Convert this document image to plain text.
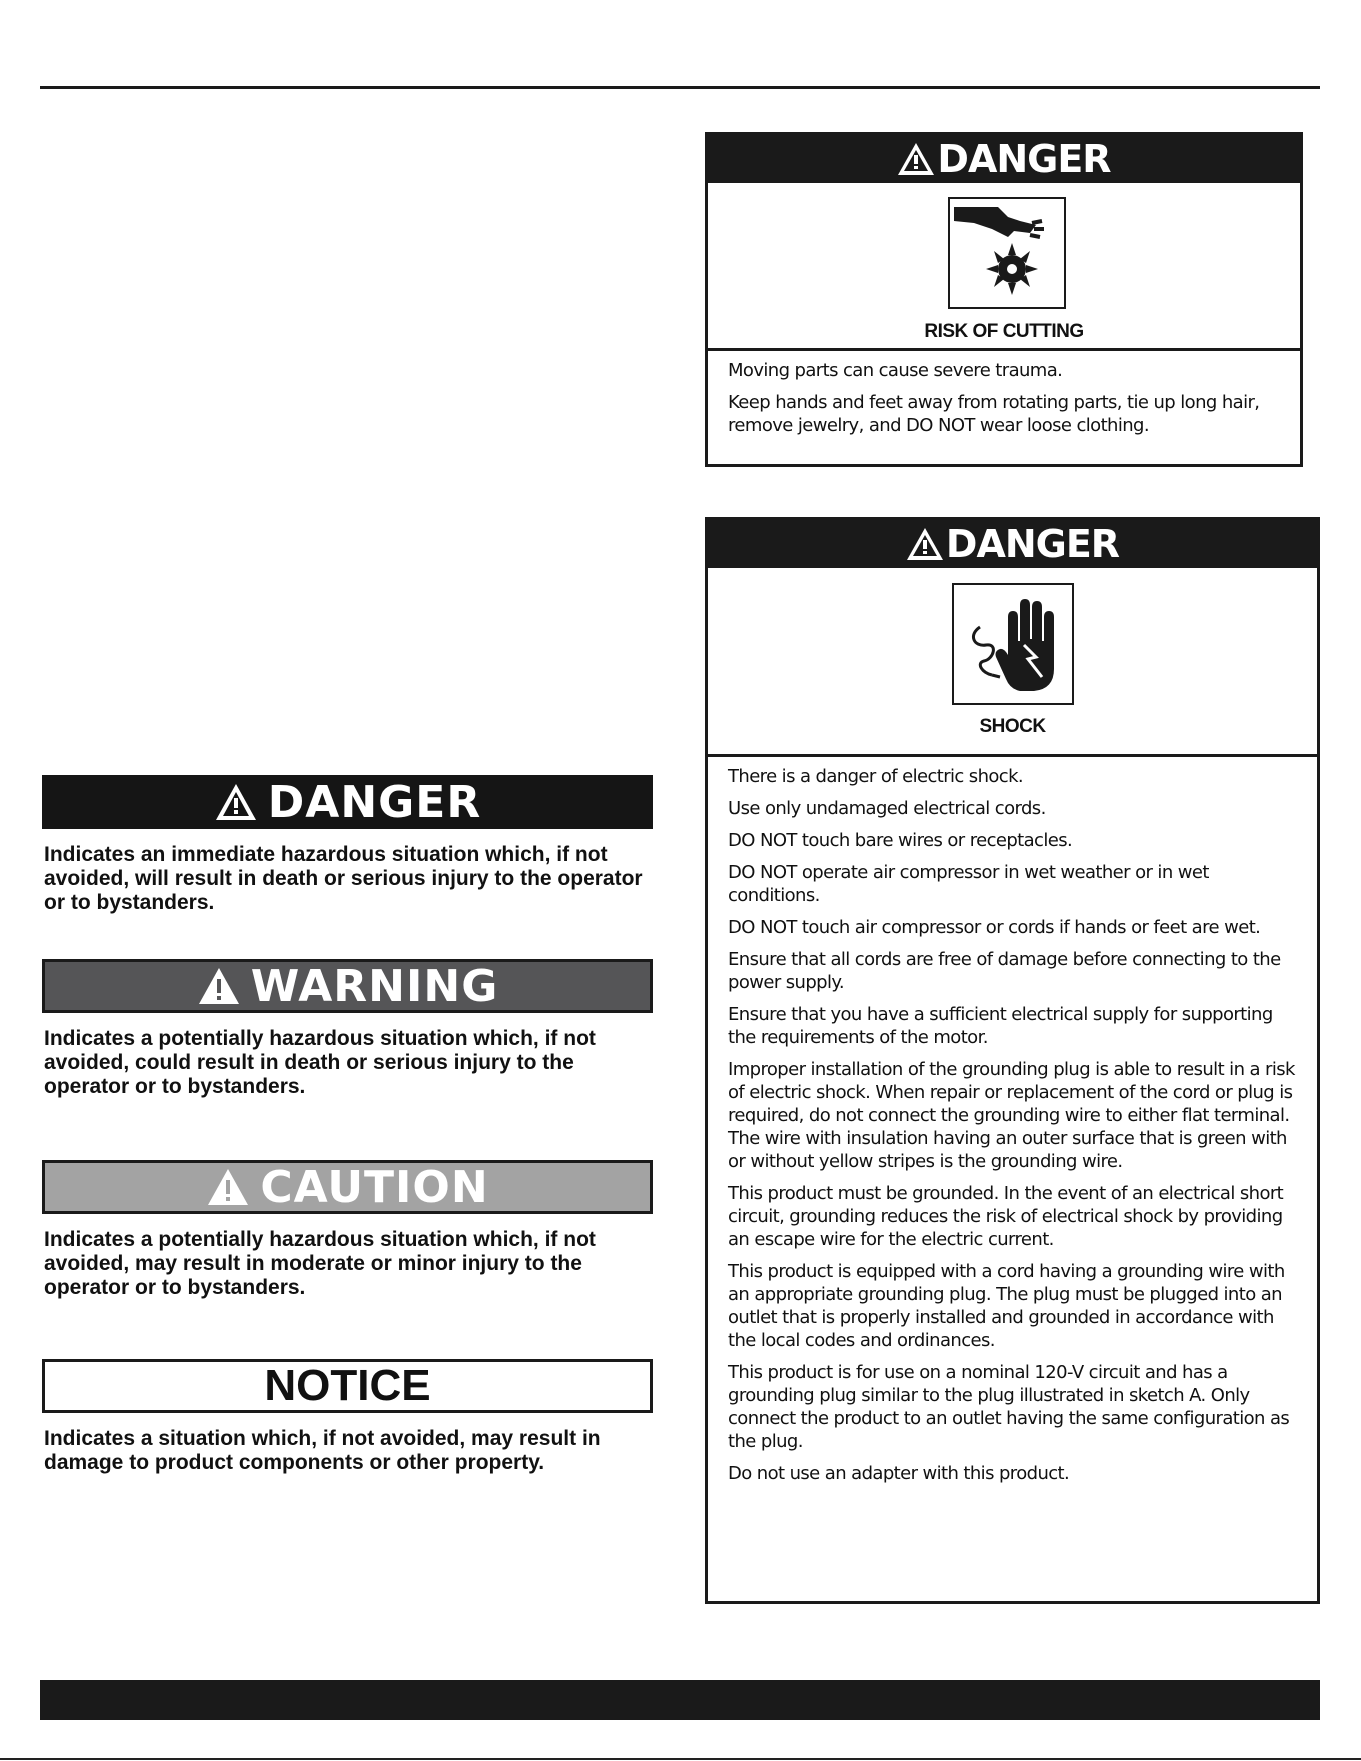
DANGER
Indicates an immediate hazardous situation which, if not avoided, will result in death or serious injury to the operator or to bystanders.
WARNING
Indicates a potentially hazardous situation which, if not avoided, could result in death or serious injury to the operator or to bystanders.
CAUTION
Indicates a potentially hazardous situation which, if not avoided, may result in moderate or minor injury to the operator or to bystanders.
NOTICE
Indicates a situation which, if not avoided, may result in damage to product components or other property.
DANGER
RISK OF CUTTING

Moving parts can cause severe trauma.

Keep hands and feet away from rotating parts, tie up long hair, remove jewelry, and DO NOT wear loose clothing.

DANGER
SHOCK

There is a danger of electric shock.

Use only undamaged electrical cords.

DO NOT touch bare wires or receptacles.

DO NOT operate air compressor in wet weather or in wet conditions.

DO NOT touch air compressor or cords if hands or feet are wet.

Ensure that all cords are free of damage before connecting to the power supply.

Ensure that you have a sufficient electrical supply for supporting the requirements of the motor.

Improper installation of the grounding plug is able to result in a risk of electric shock. When repair or replacement of the cord or plug is required, do not connect the grounding wire to either flat terminal. The wire with insulation having an outer surface that is green with or without yellow stripes is the grounding wire.

This product must be grounded. In the event of an electrical short circuit, grounding reduces the risk of electrical shock by providing an escape wire for the electric current.

This product is equipped with a cord having a grounding wire with an appropriate grounding plug. The plug must be plugged into an outlet that is properly installed and grounded in accordance with the local codes and ordinances.

This product is for use on a nominal 120-V circuit and has a grounding plug similar to the plug illustrated in sketch A. Only connect the product to an outlet having the same configuration as the plug.

Do not use an adapter with this product.
